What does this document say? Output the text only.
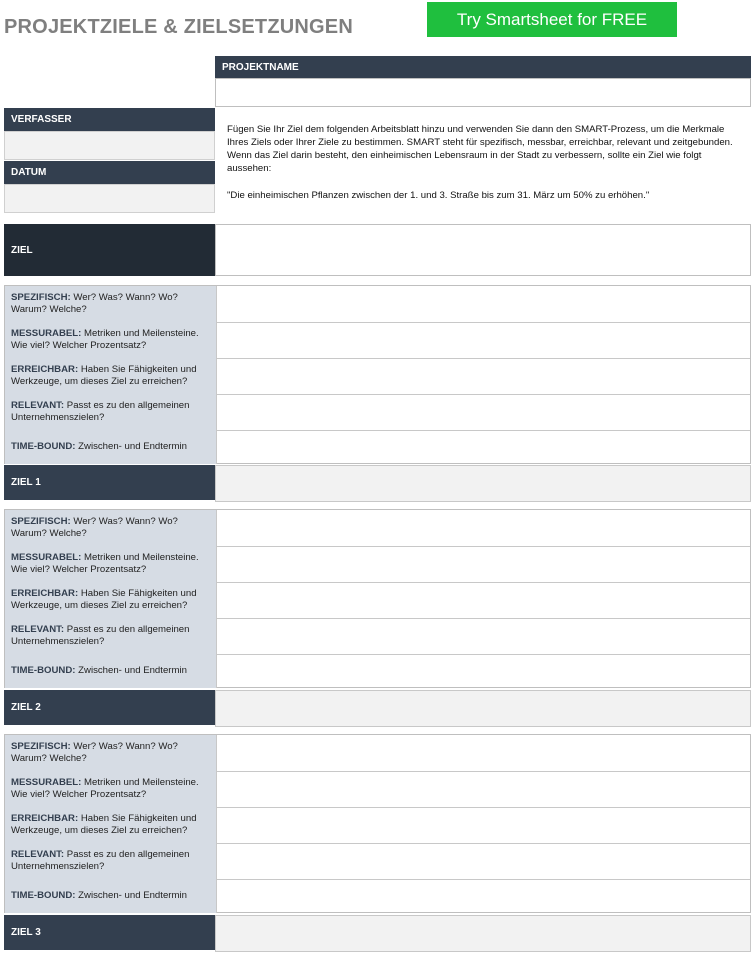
PROJEKTZIELE & ZIELSETZUNGEN	Try Smartsheet for FREE
PROJEKTNAME
VERFASSER
DATUM

Fügen Sie Ihr Ziel dem folgenden Arbeitsblatt hinzu und verwenden Sie dann den SMART-Prozess, um die Merkmale Ihres Ziels oder Ihrer Ziele zu bestimmen. SMART steht für spezifisch, messbar, erreichbar, relevant und zeitgebunden. Wenn das Ziel darin besteht, den einheimischen Lebensraum in der Stadt zu verbessern, sollte ein Ziel wie folgt aussehen:

"Die einheimischen Pflanzen zwischen der 1. und 3. Straße bis zum 31. März um 50% zu erhöhen."

ZIEL
SPEZIFISCH: Wer? Was? Wann? Wo? Warum? Welche?
MESSURABEL: Metriken und Meilensteine. Wie viel? Welcher Prozentsatz?
ERREICHBAR: Haben Sie Fähigkeiten und Werkzeuge, um dieses Ziel zu erreichen?
RELEVANT: Passt es zu den allgemeinen Unternehmenszielen?
TIME-BOUND: Zwischen- und Endtermin
ZIEL 1
SPEZIFISCH: Wer? Was? Wann? Wo? Warum? Welche?
MESSURABEL: Metriken und Meilensteine. Wie viel? Welcher Prozentsatz?
ERREICHBAR: Haben Sie Fähigkeiten und Werkzeuge, um dieses Ziel zu erreichen?
RELEVANT: Passt es zu den allgemeinen Unternehmenszielen?
TIME-BOUND: Zwischen- und Endtermin
ZIEL 2
SPEZIFISCH: Wer? Was? Wann? Wo? Warum? Welche?
MESSURABEL: Metriken und Meilensteine. Wie viel? Welcher Prozentsatz?
ERREICHBAR: Haben Sie Fähigkeiten und Werkzeuge, um dieses Ziel zu erreichen?
RELEVANT: Passt es zu den allgemeinen Unternehmenszielen?
TIME-BOUND: Zwischen- und Endtermin
ZIEL 3
